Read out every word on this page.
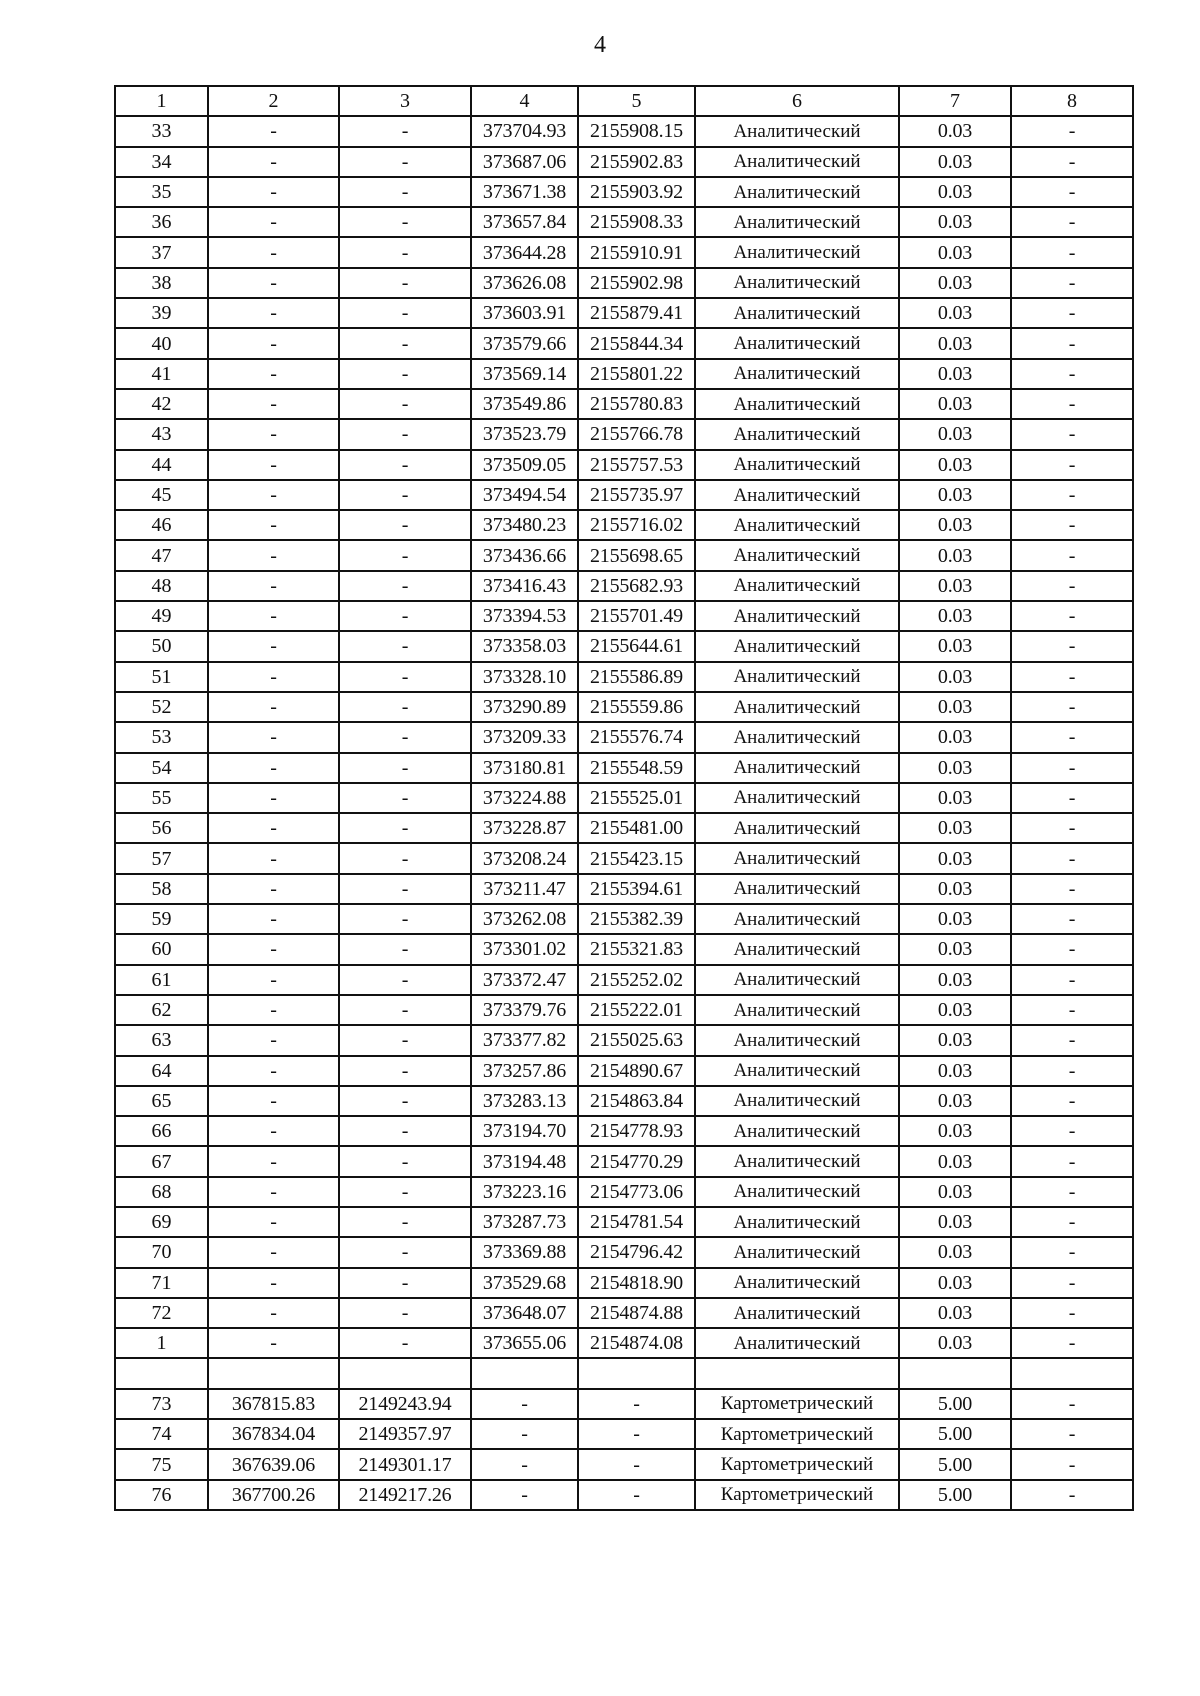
4
1	2	3	4	5	6	7	8
33	-	-	373704.93	2155908.15	Аналитический	0.03	-
34	-	-	373687.06	2155902.83	Аналитический	0.03	-
35	-	-	373671.38	2155903.92	Аналитический	0.03	-
36	-	-	373657.84	2155908.33	Аналитический	0.03	-
37	-	-	373644.28	2155910.91	Аналитический	0.03	-
38	-	-	373626.08	2155902.98	Аналитический	0.03	-
39	-	-	373603.91	2155879.41	Аналитический	0.03	-
40	-	-	373579.66	2155844.34	Аналитический	0.03	-
41	-	-	373569.14	2155801.22	Аналитический	0.03	-
42	-	-	373549.86	2155780.83	Аналитический	0.03	-
43	-	-	373523.79	2155766.78	Аналитический	0.03	-
44	-	-	373509.05	2155757.53	Аналитический	0.03	-
45	-	-	373494.54	2155735.97	Аналитический	0.03	-
46	-	-	373480.23	2155716.02	Аналитический	0.03	-
47	-	-	373436.66	2155698.65	Аналитический	0.03	-
48	-	-	373416.43	2155682.93	Аналитический	0.03	-
49	-	-	373394.53	2155701.49	Аналитический	0.03	-
50	-	-	373358.03	2155644.61	Аналитический	0.03	-
51	-	-	373328.10	2155586.89	Аналитический	0.03	-
52	-	-	373290.89	2155559.86	Аналитический	0.03	-
53	-	-	373209.33	2155576.74	Аналитический	0.03	-
54	-	-	373180.81	2155548.59	Аналитический	0.03	-
55	-	-	373224.88	2155525.01	Аналитический	0.03	-
56	-	-	373228.87	2155481.00	Аналитический	0.03	-
57	-	-	373208.24	2155423.15	Аналитический	0.03	-
58	-	-	373211.47	2155394.61	Аналитический	0.03	-
59	-	-	373262.08	2155382.39	Аналитический	0.03	-
60	-	-	373301.02	2155321.83	Аналитический	0.03	-
61	-	-	373372.47	2155252.02	Аналитический	0.03	-
62	-	-	373379.76	2155222.01	Аналитический	0.03	-
63	-	-	373377.82	2155025.63	Аналитический	0.03	-
64	-	-	373257.86	2154890.67	Аналитический	0.03	-
65	-	-	373283.13	2154863.84	Аналитический	0.03	-
66	-	-	373194.70	2154778.93	Аналитический	0.03	-
67	-	-	373194.48	2154770.29	Аналитический	0.03	-
68	-	-	373223.16	2154773.06	Аналитический	0.03	-
69	-	-	373287.73	2154781.54	Аналитический	0.03	-
70	-	-	373369.88	2154796.42	Аналитический	0.03	-
71	-	-	373529.68	2154818.90	Аналитический	0.03	-
72	-	-	373648.07	2154874.88	Аналитический	0.03	-
1	-	-	373655.06	2154874.08	Аналитический	0.03	-

73	367815.83	2149243.94	-	-	Картометрический	5.00	-
74	367834.04	2149357.97	-	-	Картометрический	5.00	-
75	367639.06	2149301.17	-	-	Картометрический	5.00	-
76	367700.26	2149217.26	-	-	Картометрический	5.00	-
